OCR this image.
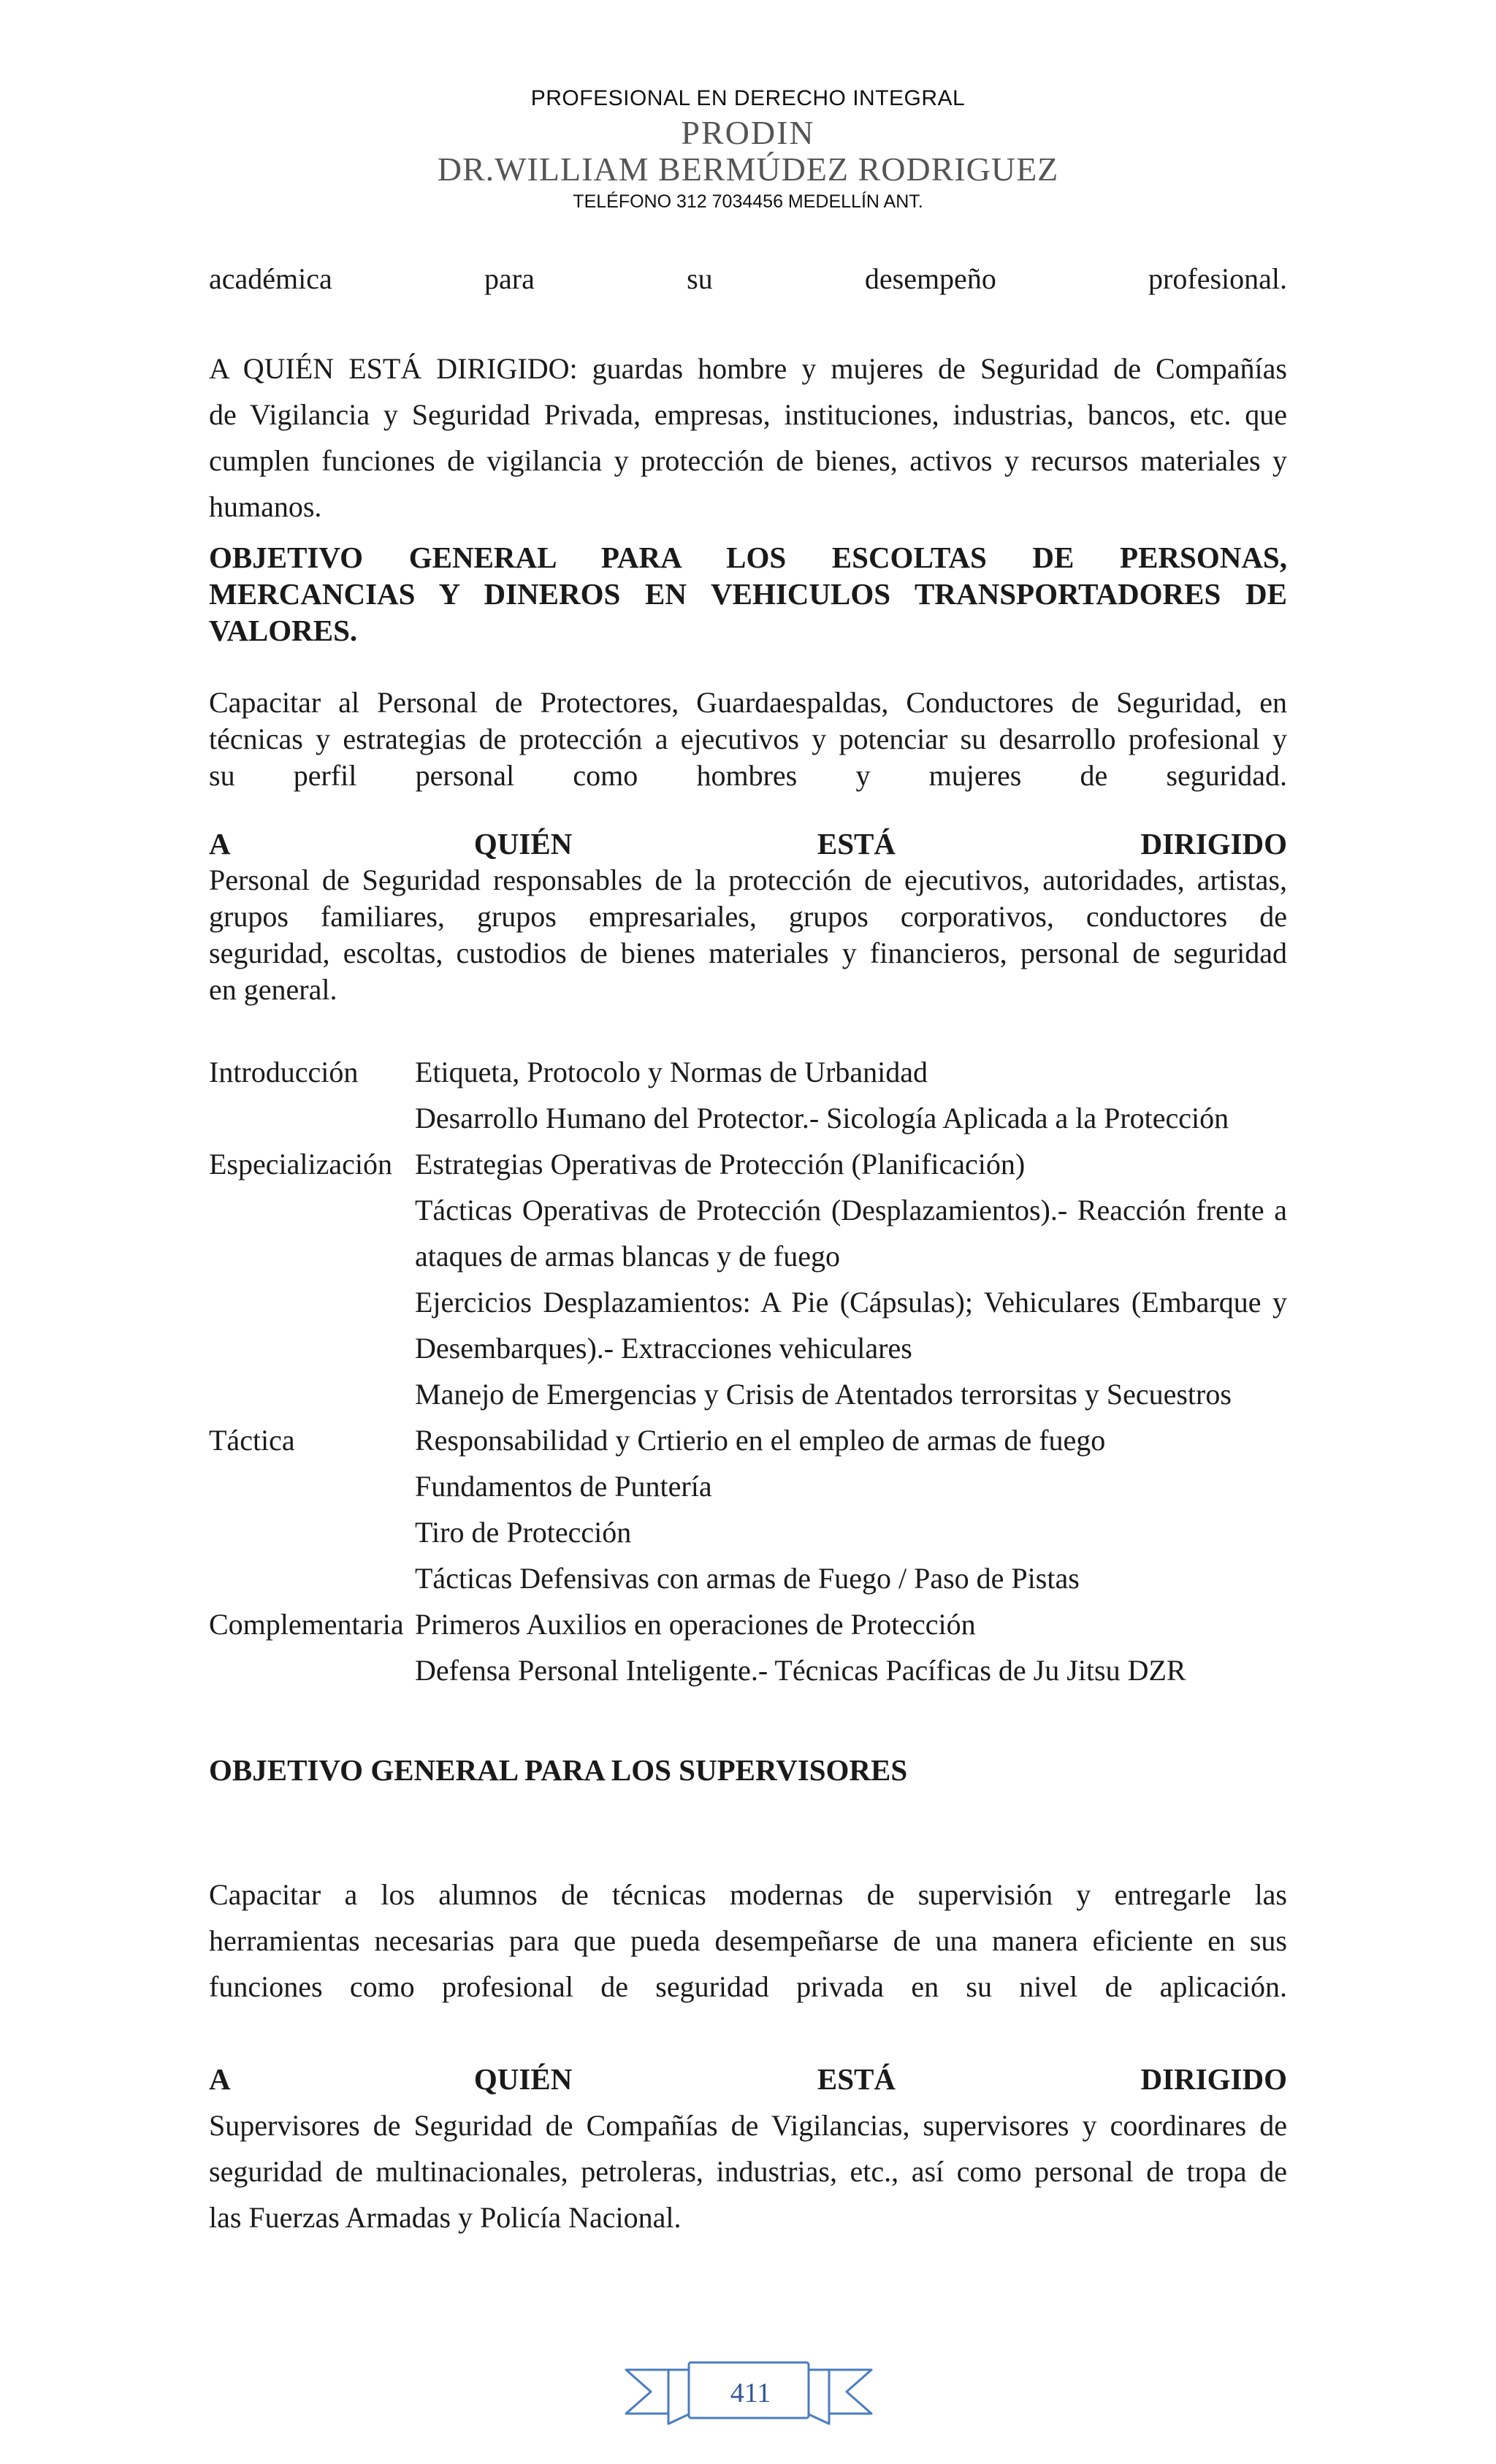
PROFESIONAL EN DERECHO INTEGRAL
PRODIN
DR.WILLIAM BERMÚDEZ RODRIGUEZ
TELÉFONO 312 7034456 MEDELLÍN ANT.
académica para su desempeño profesional.
A QUIÉN ESTÁ DIRIGIDO: guardas hombre y mujeres de Seguridad de Compañías
de Vigilancia y Seguridad Privada, empresas, instituciones, industrias, bancos, etc. que
cumplen funciones de vigilancia y protección de bienes, activos y recursos materiales y
humanos.
OBJETIVO GENERAL PARA LOS ESCOLTAS DE PERSONAS,
MERCANCIAS Y DINEROS EN VEHICULOS TRANSPORTADORES DE
VALORES.
Capacitar al Personal de Protectores, Guardaespaldas, Conductores de Seguridad, en
técnicas y estrategias de protección a ejecutivos y potenciar su desarrollo profesional y
su perfil personal como hombres y mujeres de seguridad.
A QUIÉN ESTÁ DIRIGIDO
Personal de Seguridad responsables de la protección de ejecutivos, autoridades, artistas,
grupos familiares, grupos empresariales, grupos corporativos, conductores de
seguridad, escoltas, custodios de bienes materiales y financieros, personal de seguridad
en general.
Introducción	Etiqueta, Protocolo y Normas de Urbanidad
Desarrollo Humano del Protector.- Sicología Aplicada a la Protección
Especialización Estrategias Operativas de Protección (Planificación)
Tácticas Operativas de Protección (Desplazamientos).- Reacción frente a ataques de armas blancas y de fuego
Ejercicios Desplazamientos: A Pie (Cápsulas); Vehiculares (Embarque y Desembarques).- Extracciones vehiculares
Manejo de Emergencias y Crisis de Atentados terrorsitas y Secuestros
Táctica	Responsabilidad y Crtierio en el empleo de armas de fuego
Fundamentos de Puntería
Tiro de Protección
Tácticas Defensivas con armas de Fuego / Paso de Pistas
Complementaria Primeros Auxilios en operaciones de Protección
Defensa Personal Inteligente.- Técnicas Pacíficas de Ju Jitsu DZR
OBJETIVO GENERAL PARA LOS SUPERVISORES
Capacitar a los alumnos de técnicas modernas de supervisión y entregarle las
herramientas necesarias para que pueda desempeñarse de una manera eficiente en sus
funciones como profesional de seguridad privada en su nivel de aplicación.
A QUIÉN ESTÁ DIRIGIDO
Supervisores de Seguridad de Compañías de Vigilancias, supervisores y coordinares de
seguridad de multinacionales, petroleras, industrias, etc., así como personal de tropa de
las Fuerzas Armadas y Policía Nacional.
411
